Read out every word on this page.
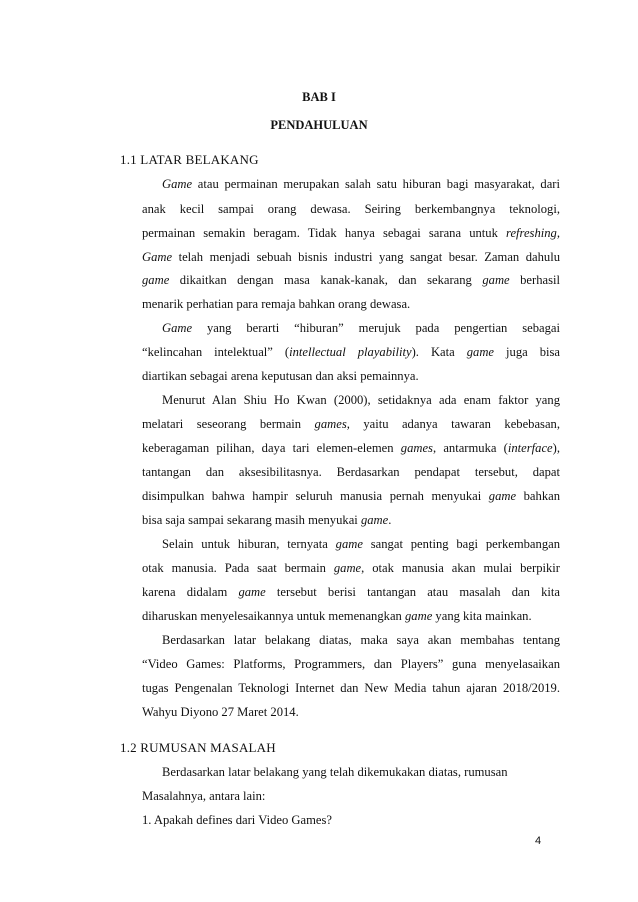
BAB I
PENDAHULUAN
1.1 LATAR BELAKANG
Game atau permainan merupakan salah satu hiburan bagi masyarakat, dari
anak kecil sampai orang dewasa. Seiring berkembangnya teknologi,
permainan semakin beragam. Tidak hanya sebagai sarana untuk refreshing,
Game telah menjadi sebuah bisnis industri yang sangat besar. Zaman dahulu
game dikaitkan dengan masa kanak-kanak, dan sekarang game berhasil
menarik perhatian para remaja bahkan orang dewasa.
Game yang berarti “hiburan” merujuk pada pengertian sebagai
“kelincahan intelektual” (intellectual playability). Kata game juga bisa
diartikan sebagai arena keputusan dan aksi pemainnya.
Menurut Alan Shiu Ho Kwan (2000), setidaknya ada enam faktor yang
melatari seseorang bermain games, yaitu adanya tawaran kebebasan,
keberagaman pilihan, daya tari elemen-elemen games, antarmuka (interface),
tantangan dan aksesibilitasnya. Berdasarkan pendapat tersebut, dapat
disimpulkan bahwa hampir seluruh manusia pernah menyukai game bahkan
bisa saja sampai sekarang masih menyukai game.
Selain untuk hiburan, ternyata game sangat penting bagi perkembangan
otak manusia. Pada saat bermain game, otak manusia akan mulai berpikir
karena didalam game tersebut berisi tantangan atau masalah dan kita
diharuskan menyelesaikannya untuk memenangkan game yang kita mainkan.
Berdasarkan latar belakang diatas, maka saya akan membahas tentang
“Video Games: Platforms, Programmers, dan Players” guna menyelasaikan
tugas Pengenalan Teknologi Internet dan New Media tahun ajaran 2018/2019.
Wahyu Diyono 27 Maret 2014.
1.2 RUMUSAN MASALAH
Berdasarkan latar belakang yang telah dikemukakan diatas, rumusan
Masalahnya, antara lain:
1. Apakah defines dari Video Games?
4
